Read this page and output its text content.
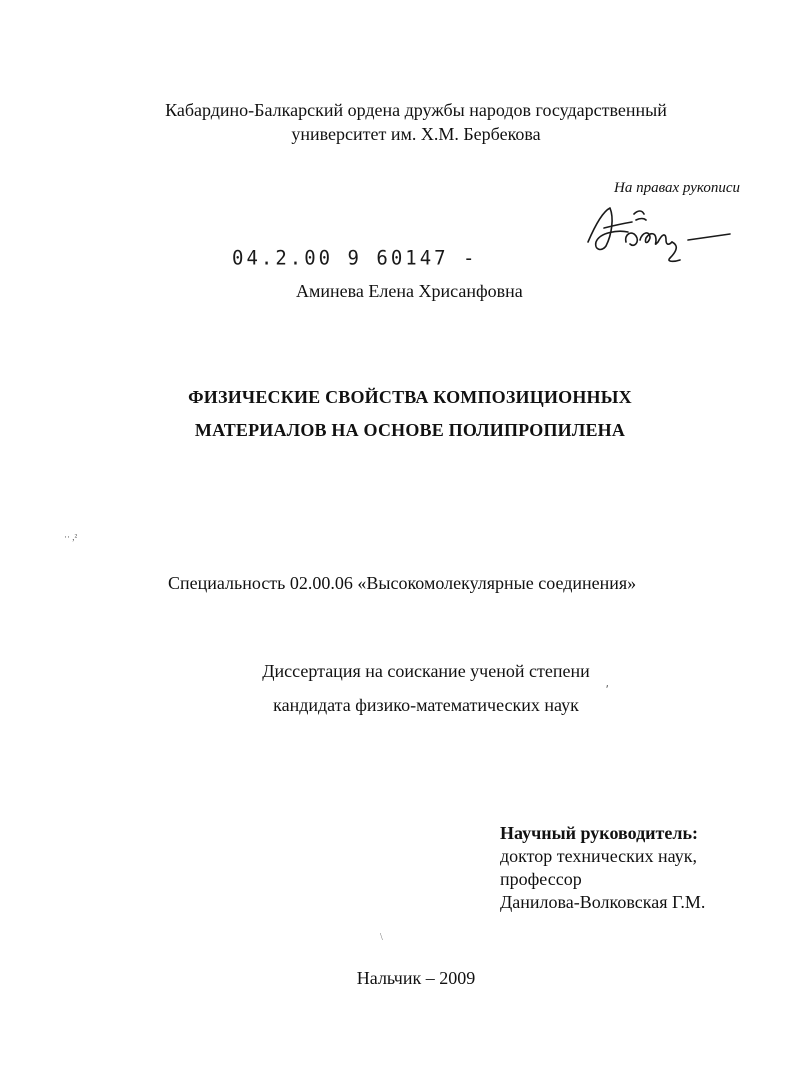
Кабардино-Балкарский ордена дружбы народов государственный
университет им. Х.М. Бербекова
На правах рукописи
04.2.00 9 60147 -
Аминева Елена Хрисанфовна
ФИЗИЧЕСКИЕ СВОЙСТВА КОМПОЗИЦИОННЫХ
МАТЕРИАЛОВ НА ОСНОВЕ ПОЛИПРОПИЛЕНА
·· ,²
Специальность 02.00.06 «Высокомолекулярные соединения»
Диссертация на соискание ученой степени
кандидата физико-математических наук
ʹ
Научный руководитель:
доктор технических наук,
профессор
Данилова-Волковская Г.М.
\
Нальчик – 2009
